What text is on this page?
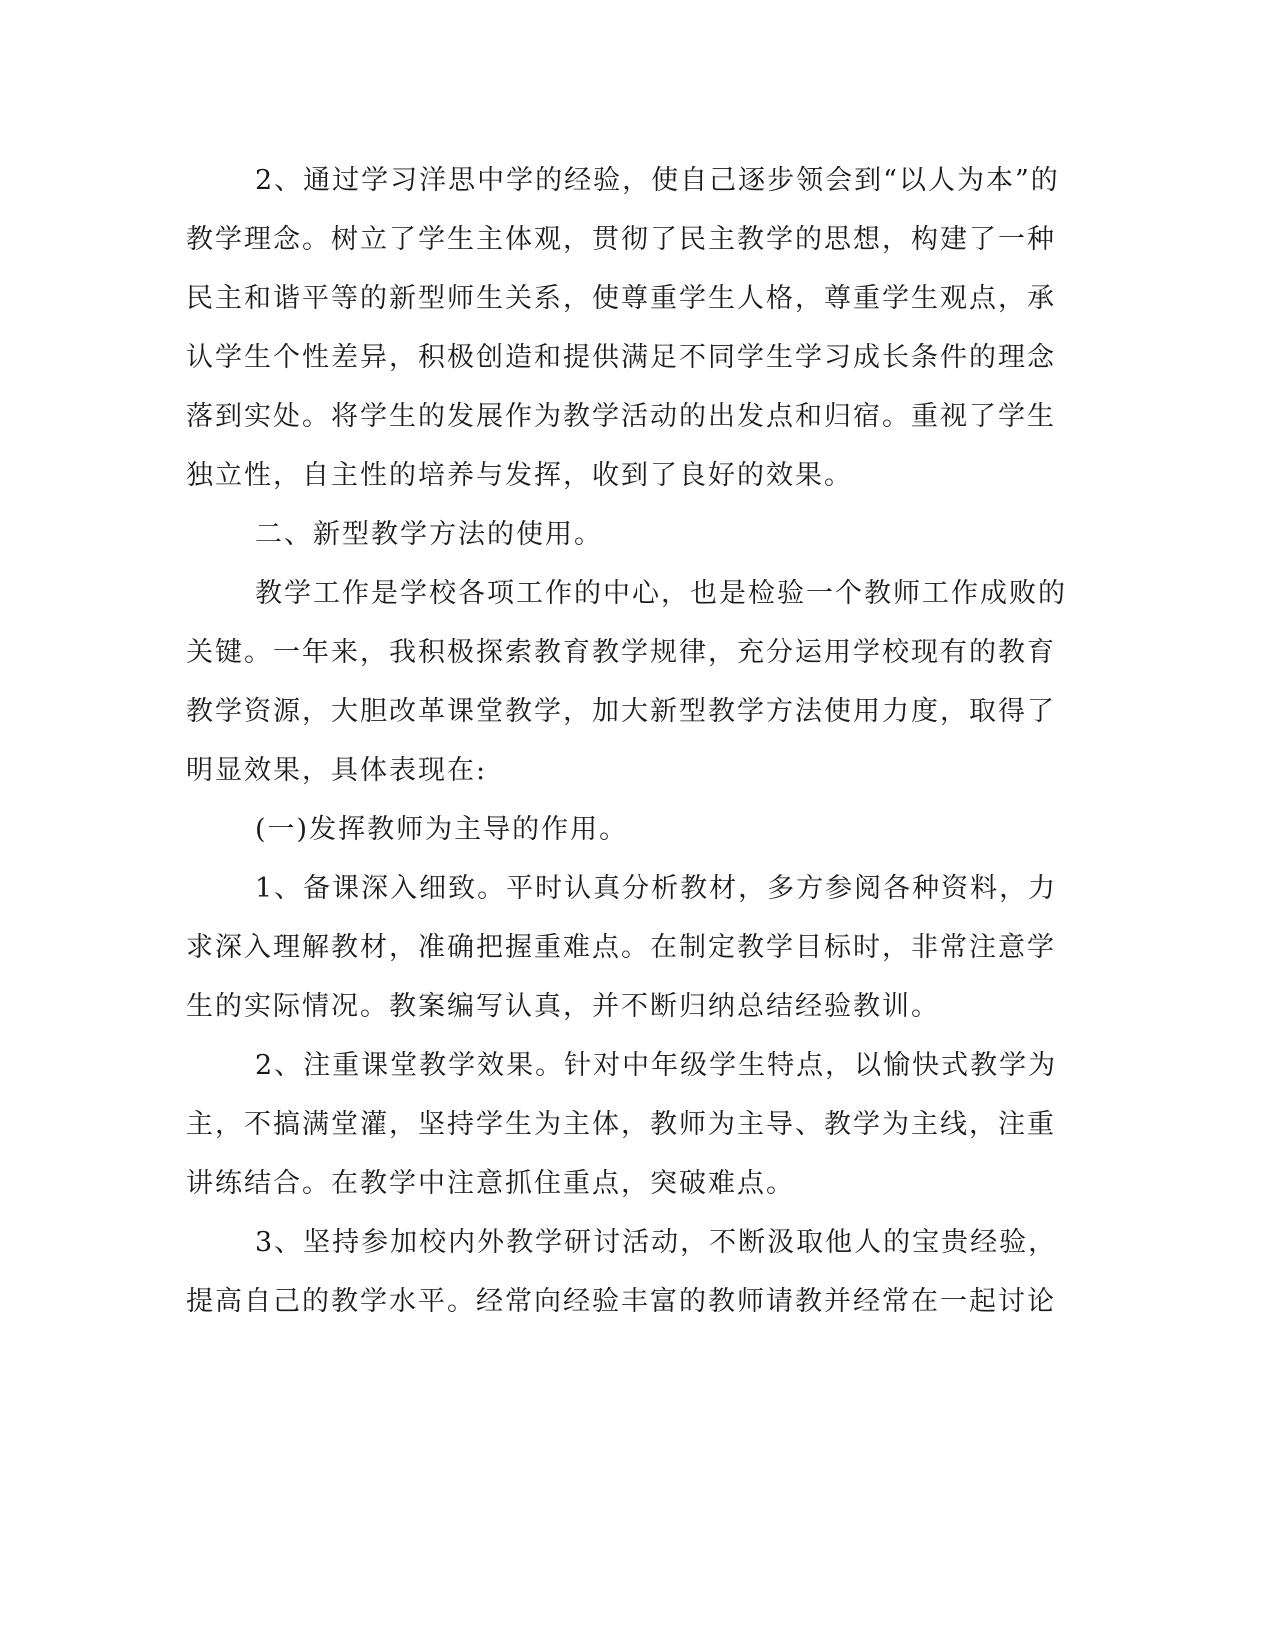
2、通过学习洋思中学的经验，使自己逐步领会到“以人为本”的

教学理念。树立了学生主体观，贯彻了民主教学的思想，构建了一种

民主和谐平等的新型师生关系，使尊重学生人格，尊重学生观点，承

认学生个性差异，积极创造和提供满足不同学生学习成长条件的理念

落到实处。将学生的发展作为教学活动的出发点和归宿。重视了学生

独立性，自主性的培养与发挥，收到了良好的效果。

二、新型教学方法的使用。

教学工作是学校各项工作的中心，也是检验一个教师工作成败的

关键。一年来，我积极探索教育教学规律，充分运用学校现有的教育

教学资源，大胆改革课堂教学，加大新型教学方法使用力度，取得了

明显效果，具体表现在:

(一)发挥教师为主导的作用。

1、备课深入细致。平时认真分析教材，多方参阅各种资料，力

求深入理解教材，准确把握重难点。在制定教学目标时，非常注意学

生的实际情况。教案编写认真，并不断归纳总结经验教训。

2、注重课堂教学效果。针对中年级学生特点，以愉快式教学为

主，不搞满堂灌，坚持学生为主体，教师为主导、教学为主线，注重

讲练结合。在教学中注意抓住重点，突破难点。

3、坚持参加校内外教学研讨活动，不断汲取他人的宝贵经验，

提高自己的教学水平。经常向经验丰富的教师请教并经常在一起讨论
